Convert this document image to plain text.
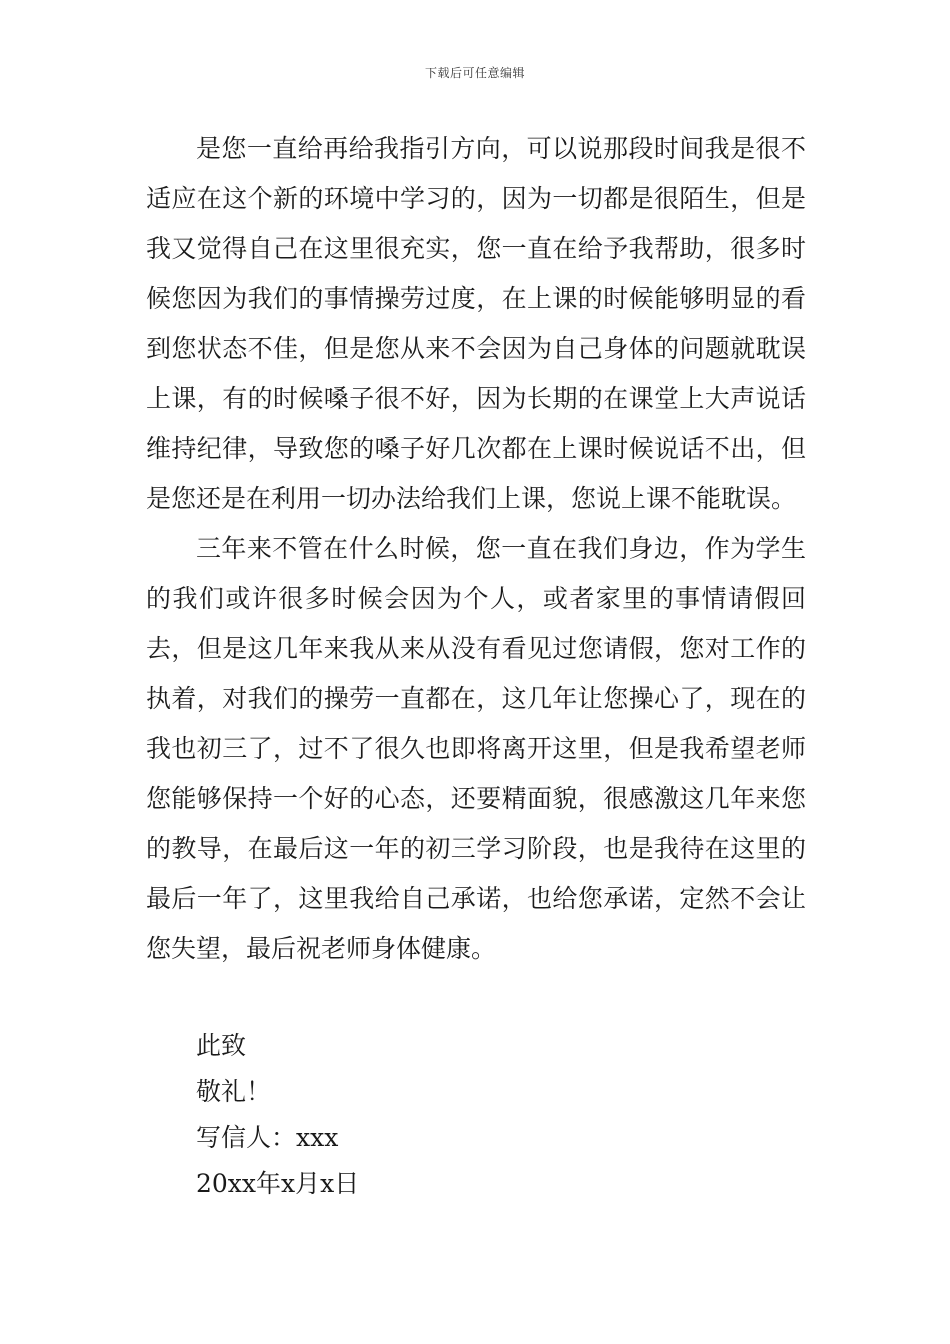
下载后可任意编辑

是您一直给再给我指引方向，可以说那段时间我是很不适应在这个新的环境中学习的，因为一切都是很陌生，但是我又觉得自己在这里很充实，您一直在给予我帮助，很多时候您因为我们的事情操劳过度，在上课的时候能够明显的看到您状态不佳，但是您从来不会因为自己身体的问题就耽误上课，有的时候嗓子很不好，因为长期的在课堂上大声说话维持纪律，导致您的嗓子好几次都在上课时候说话不出，但是您还是在利用一切办法给我们上课，您说上课不能耽误。

三年来不管在什么时候，您一直在我们身边，作为学生的我们或许很多时候会因为个人，或者家里的事情请假回去，但是这几年来我从来从没有看见过您请假，您对工作的执着，对我们的操劳一直都在，这几年让您操心了，现在的我也初三了，过不了很久也即将离开这里，但是我希望老师您能够保持一个好的心态，还要精面貌，很感激这几年来您的教导，在最后这一年的初三学习阶段，也是我待在这里的最后一年了，这里我给自己承诺，也给您承诺，定然不会让您失望，最后祝老师身体健康。

此致
敬礼！
写信人：xxx
20xx年x月x日
